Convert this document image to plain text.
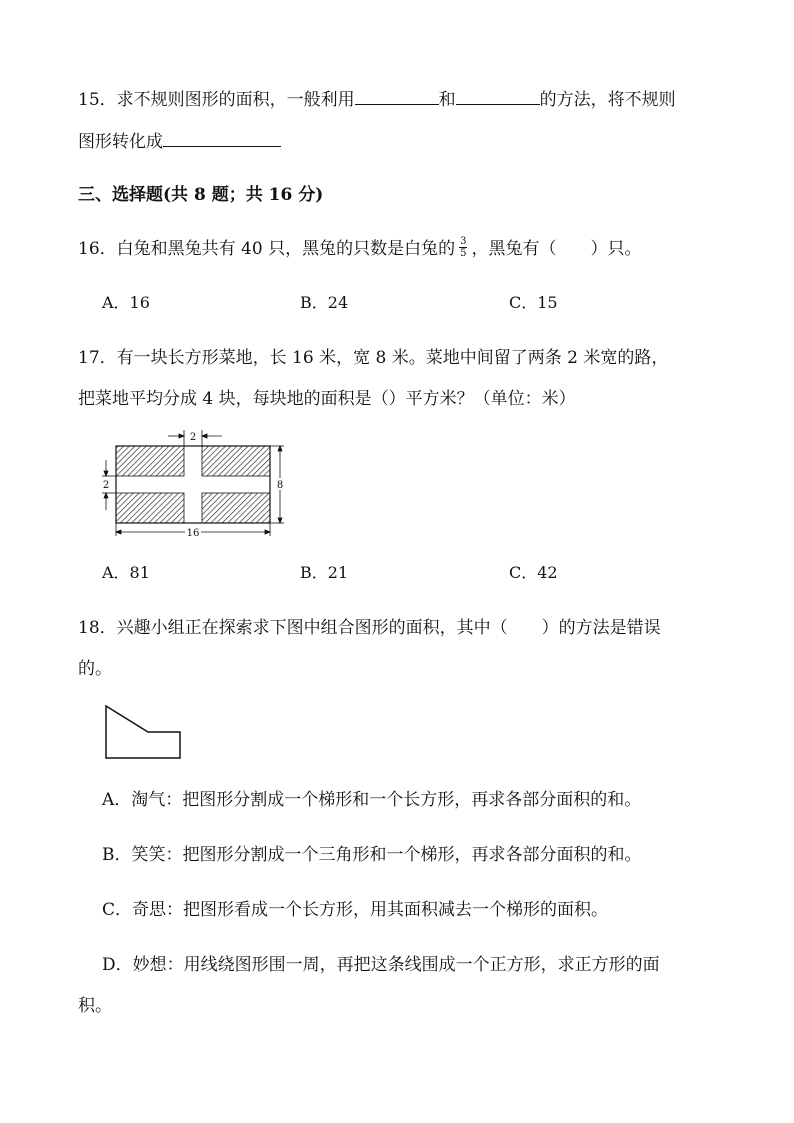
15．求不规则图形的面积，一般利用	和	的方法，将不规则
图形转化成
三、选择题(共 8 题；共 16 分)
16．白兔和黑兔共有 40 只，黑兔的只数是白兔的 $\frac{3}{5}$ ，黑兔有（　　）只。
A．16	B．24	C．15
17．有一块长方形菜地，长 16 米，宽 8 米。菜地中间留了两条 2 米宽的路，
把菜地平均分成 4 块，每块地的面积是（）平方米？（单位：米）
2
2	8
16
A．81	B．21	C．42
18．兴趣小组正在探索求下图中组合图形的面积，其中（　　）的方法是错误
的。
A．淘气：把图形分割成一个梯形和一个长方形，再求各部分面积的和。
B．笑笑：把图形分割成一个三角形和一个梯形，再求各部分面积的和。
C．奇思：把图形看成一个长方形，用其面积减去一个梯形的面积。
D．妙想：用线绕图形围一周，再把这条线围成一个正方形，求正方形的面
积。
